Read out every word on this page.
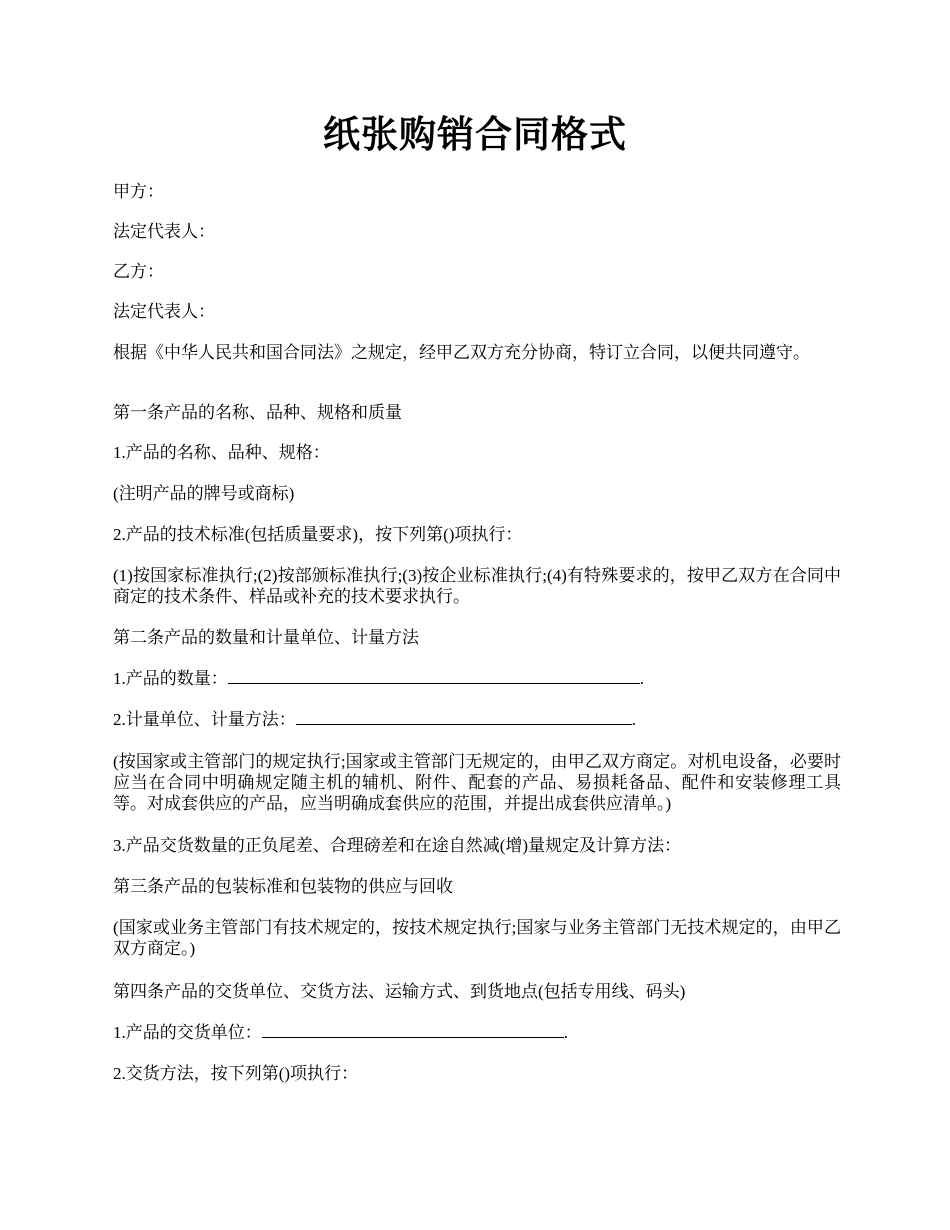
纸张购销合同格式
甲方：
法定代表人：
乙方：
法定代表人：
根据《中华人民共和国合同法》之规定，经甲乙双方充分协商，特订立合同，以便共同遵守。
第一条产品的名称、品种、规格和质量
1.产品的名称、品种、规格：
(注明产品的牌号或商标)
2.产品的技术标准(包括质量要求)，按下列第()项执行：
(1)按国家标准执行;(2)按部颁标准执行;(3)按企业标准执行;(4)有特殊要求的，按甲乙双方在合同中商定的技术条件、样品或补充的技术要求执行。
第二条产品的数量和计量单位、计量方法
1.产品的数量：	.
2.计量单位、计量方法：	.
(按国家或主管部门的规定执行;国家或主管部门无规定的，由甲乙双方商定。对机电设备，必要时应当在合同中明确规定随主机的辅机、附件、配套的产品、易损耗备品、配件和安装修理工具等。对成套供应的产品，应当明确成套供应的范围，并提出成套供应清单。)
3.产品交货数量的正负尾差、合理磅差和在途自然减(增)量规定及计算方法：
第三条产品的包装标准和包装物的供应与回收
(国家或业务主管部门有技术规定的，按技术规定执行;国家与业务主管部门无技术规定的，由甲乙双方商定。)
第四条产品的交货单位、交货方法、运输方式、到货地点(包括专用线、码头)
1.产品的交货单位：	.
2.交货方法，按下列第()项执行：
